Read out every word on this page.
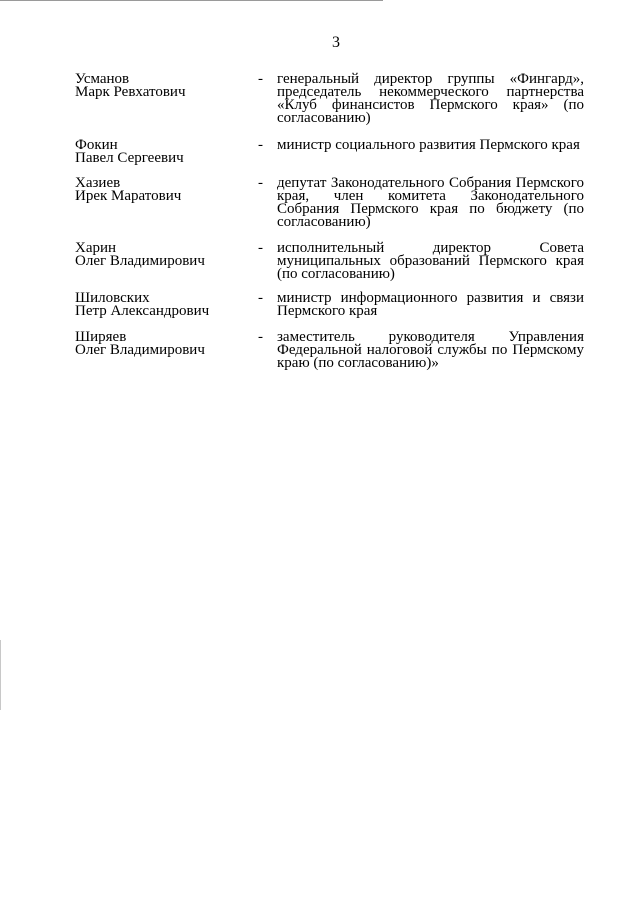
3
Усманов
Марк Ревхатович
- генеральный директор группы «Фингард», председатель некоммерческого партнерства «Клуб финансистов Пермского края» (по согласованию)
Фокин
Павел Сергеевич
- министр социального развития Пермского края
Хазиев
Ирек Маратович
- депутат Законодательного Собрания Пермского края, член комитета Законодательного Собрания Пермского края по бюджету (по согласованию)
Харин
Олег Владимирович
- исполнительный директор Совета муниципальных образований Пермского края (по согласованию)
Шиловских
Петр Александрович
- министр информационного развития и связи Пермского края
Ширяев
Олег Владимирович
- заместитель руководителя Управления Федеральной налоговой службы по Пермскому краю (по согласованию)»
